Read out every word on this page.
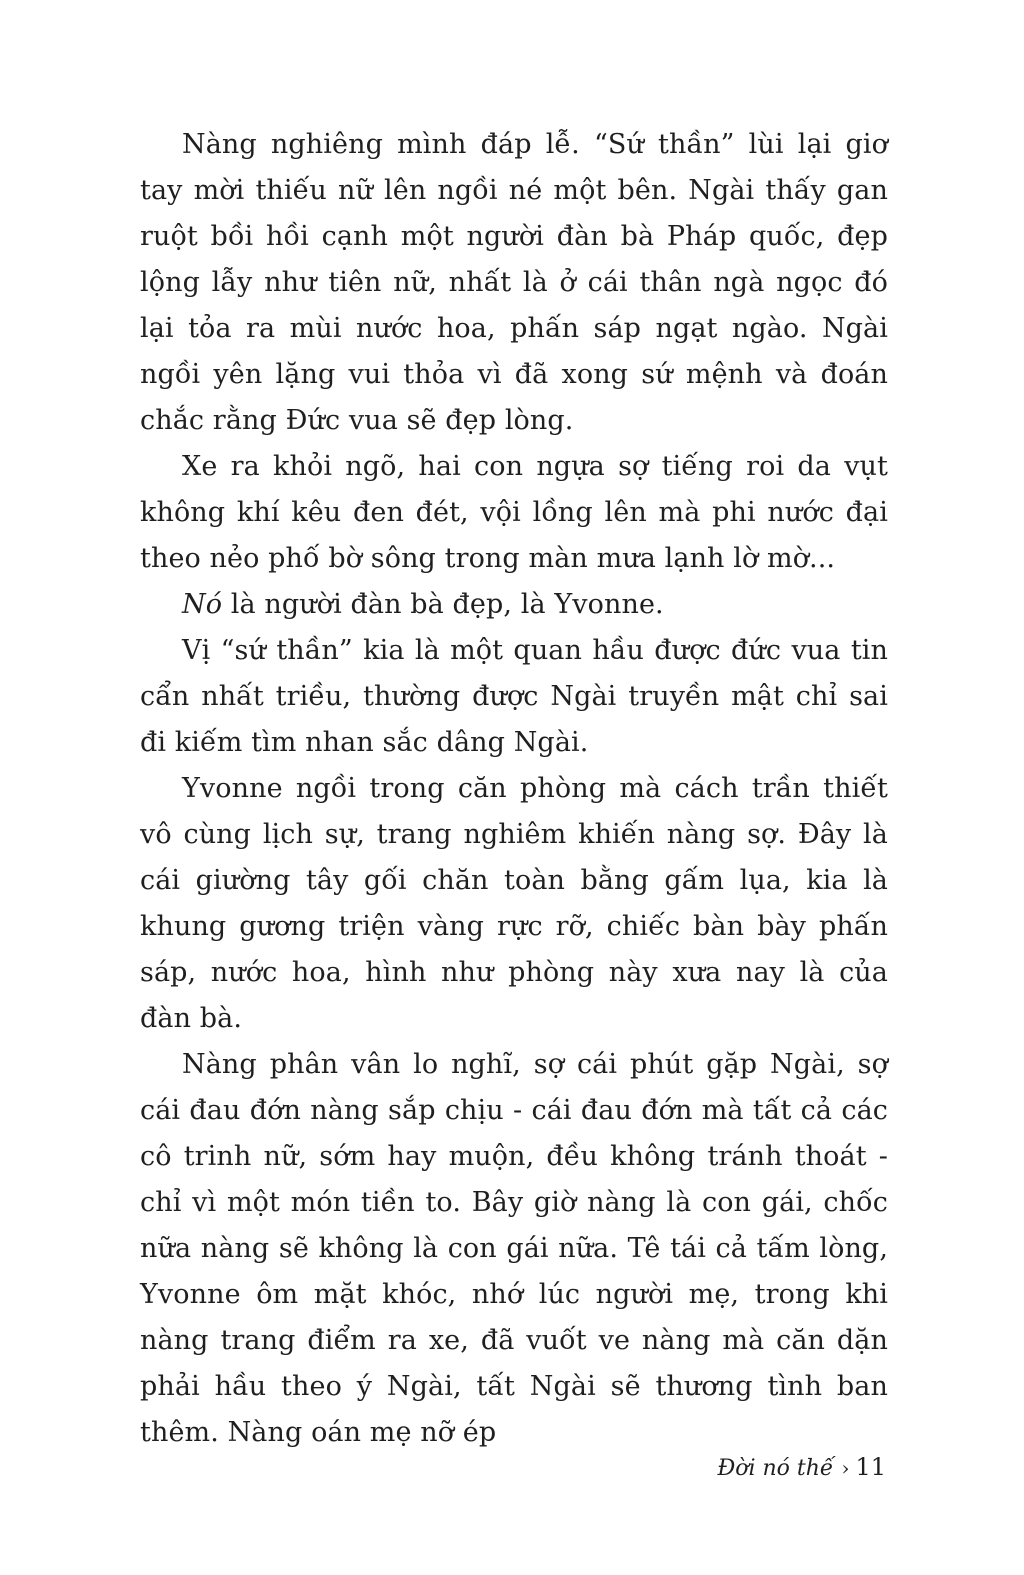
Nàng nghiêng mình đáp lễ. “Sứ thần” lùi lại giơ tay mời thiếu nữ lên ngồi né một bên. Ngài thấy gan ruột bồi hồi cạnh một người đàn bà Pháp quốc, đẹp lộng lẫy như tiên nữ, nhất là ở cái thân ngà ngọc đó lại tỏa ra mùi nước hoa, phấn sáp ngạt ngào. Ngài ngồi yên lặng vui thỏa vì đã xong sứ mệnh và đoán chắc rằng Đức vua sẽ đẹp lòng.

Xe ra khỏi ngõ, hai con ngựa sợ tiếng roi da vụt không khí kêu đen đét, vội lồng lên mà phi nước đại theo nẻo phố bờ sông trong màn mưa lạnh lờ mờ...

Nó là người đàn bà đẹp, là Yvonne.

Vị “sứ thần” kia là một quan hầu được đức vua tin cẩn nhất triều, thường được Ngài truyền mật chỉ sai đi kiếm tìm nhan sắc dâng Ngài.

Yvonne ngồi trong căn phòng mà cách trần thiết vô cùng lịch sự, trang nghiêm khiến nàng sợ. Đây là cái giường tây gối chăn toàn bằng gấm lụa, kia là khung gương triện vàng rực rỡ, chiếc bàn bày phấn sáp, nước hoa, hình như phòng này xưa nay là của đàn bà.

Nàng phân vân lo nghĩ, sợ cái phút gặp Ngài, sợ cái đau đớn nàng sắp chịu - cái đau đớn mà tất cả các cô trinh nữ, sớm hay muộn, đều không tránh thoát - chỉ vì một món tiền to. Bây giờ nàng là con gái, chốc nữa nàng sẽ không là con gái nữa. Tê tái cả tấm lòng, Yvonne ôm mặt khóc, nhớ lúc người mẹ, trong khi nàng trang điểm ra xe, đã vuốt ve nàng mà căn dặn phải hầu theo ý Ngài, tất Ngài sẽ thương tình ban thêm. Nàng oán mẹ nỡ ép

Đời nó thế › 11
